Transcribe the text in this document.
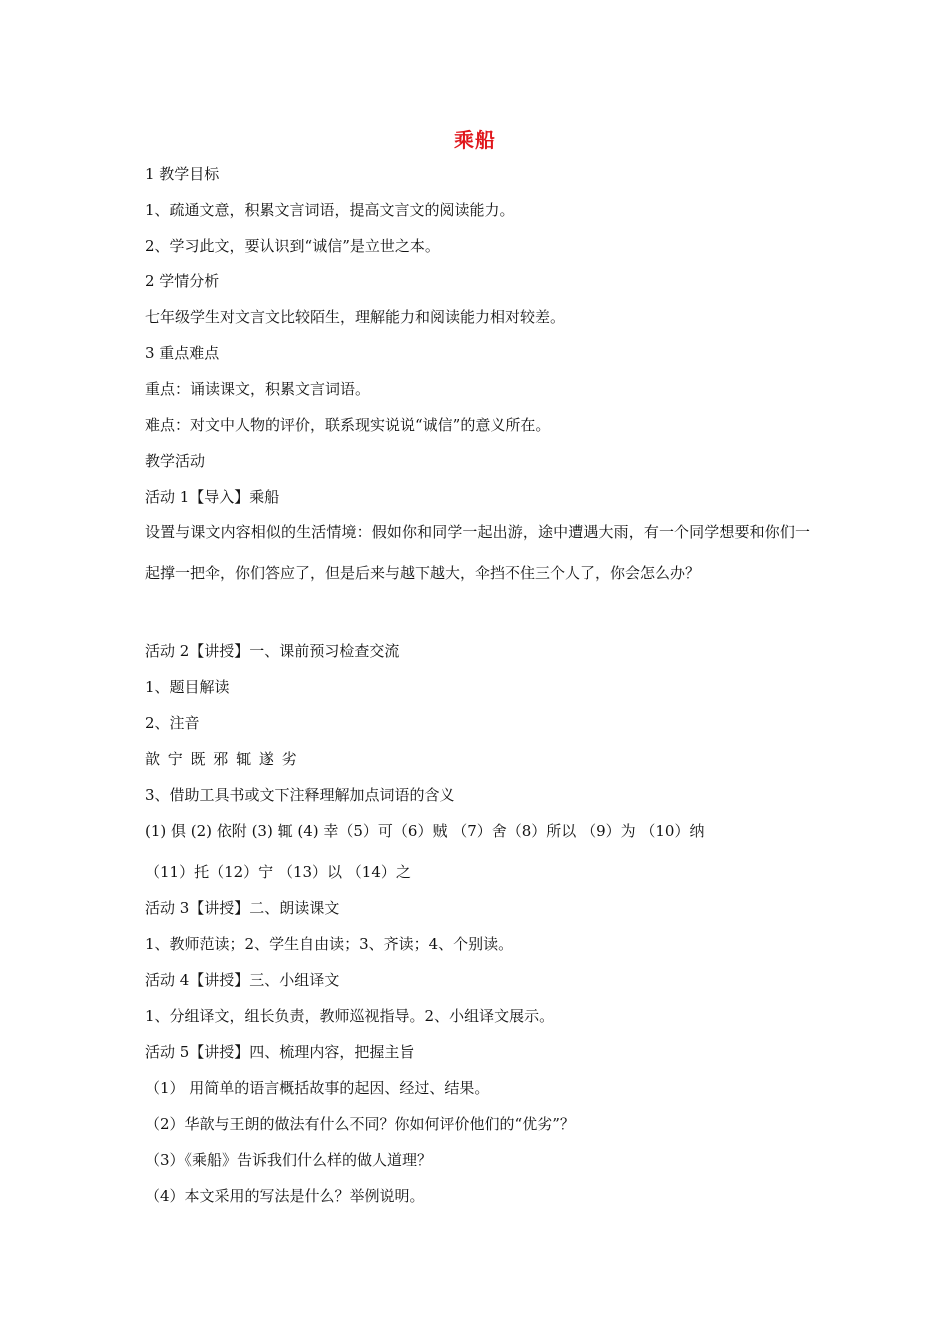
乘船
1 教学目标
1、疏通文意，积累文言词语，提高文言文的阅读能力。
2、学习此文，要认识到“诚信”是立世之本。
2 学情分析
七年级学生对文言文比较陌生，理解能力和阅读能力相对较差。
3 重点难点
重点：诵读课文，积累文言词语。
难点：对文中人物的评价，联系现实说说“诚信”的意义所在。
教学活动
活动 1【导入】乘船
设置与课文内容相似的生活情境：假如你和同学一起出游，途中遭遇大雨，有一个同学想要和你们一起撑一把伞，你们答应了，但是后来与越下越大，伞挡不住三个人了，你会怎么办？
活动 2【讲授】一、课前预习检查交流
1、题目解读
2、注音
歆 宁 既 邪 辄 遂 劣
3、借助工具书或文下注释理解加点词语的含义
(1) 俱 (2) 依附 (3) 辄 (4) 幸（5）可（6）贼 （7）舍（8）所以 （9）为 （10）纳
（11）托（12）宁 （13）以 （14）之
活动 3【讲授】二、朗读课文
1、教师范读；2、学生自由读；3、齐读；4、个别读。
活动 4【讲授】三、小组译文
1、分组译文，组长负责，教师巡视指导。2、小组译文展示。
活动 5【讲授】四、梳理内容，把握主旨
（1） 用简单的语言概括故事的起因、经过、结果。
（2）华歆与王朗的做法有什么不同？你如何评价他们的“优劣”？
（3）《乘船》告诉我们什么样的做人道理？
（4）本文采用的写法是什么？举例说明。
